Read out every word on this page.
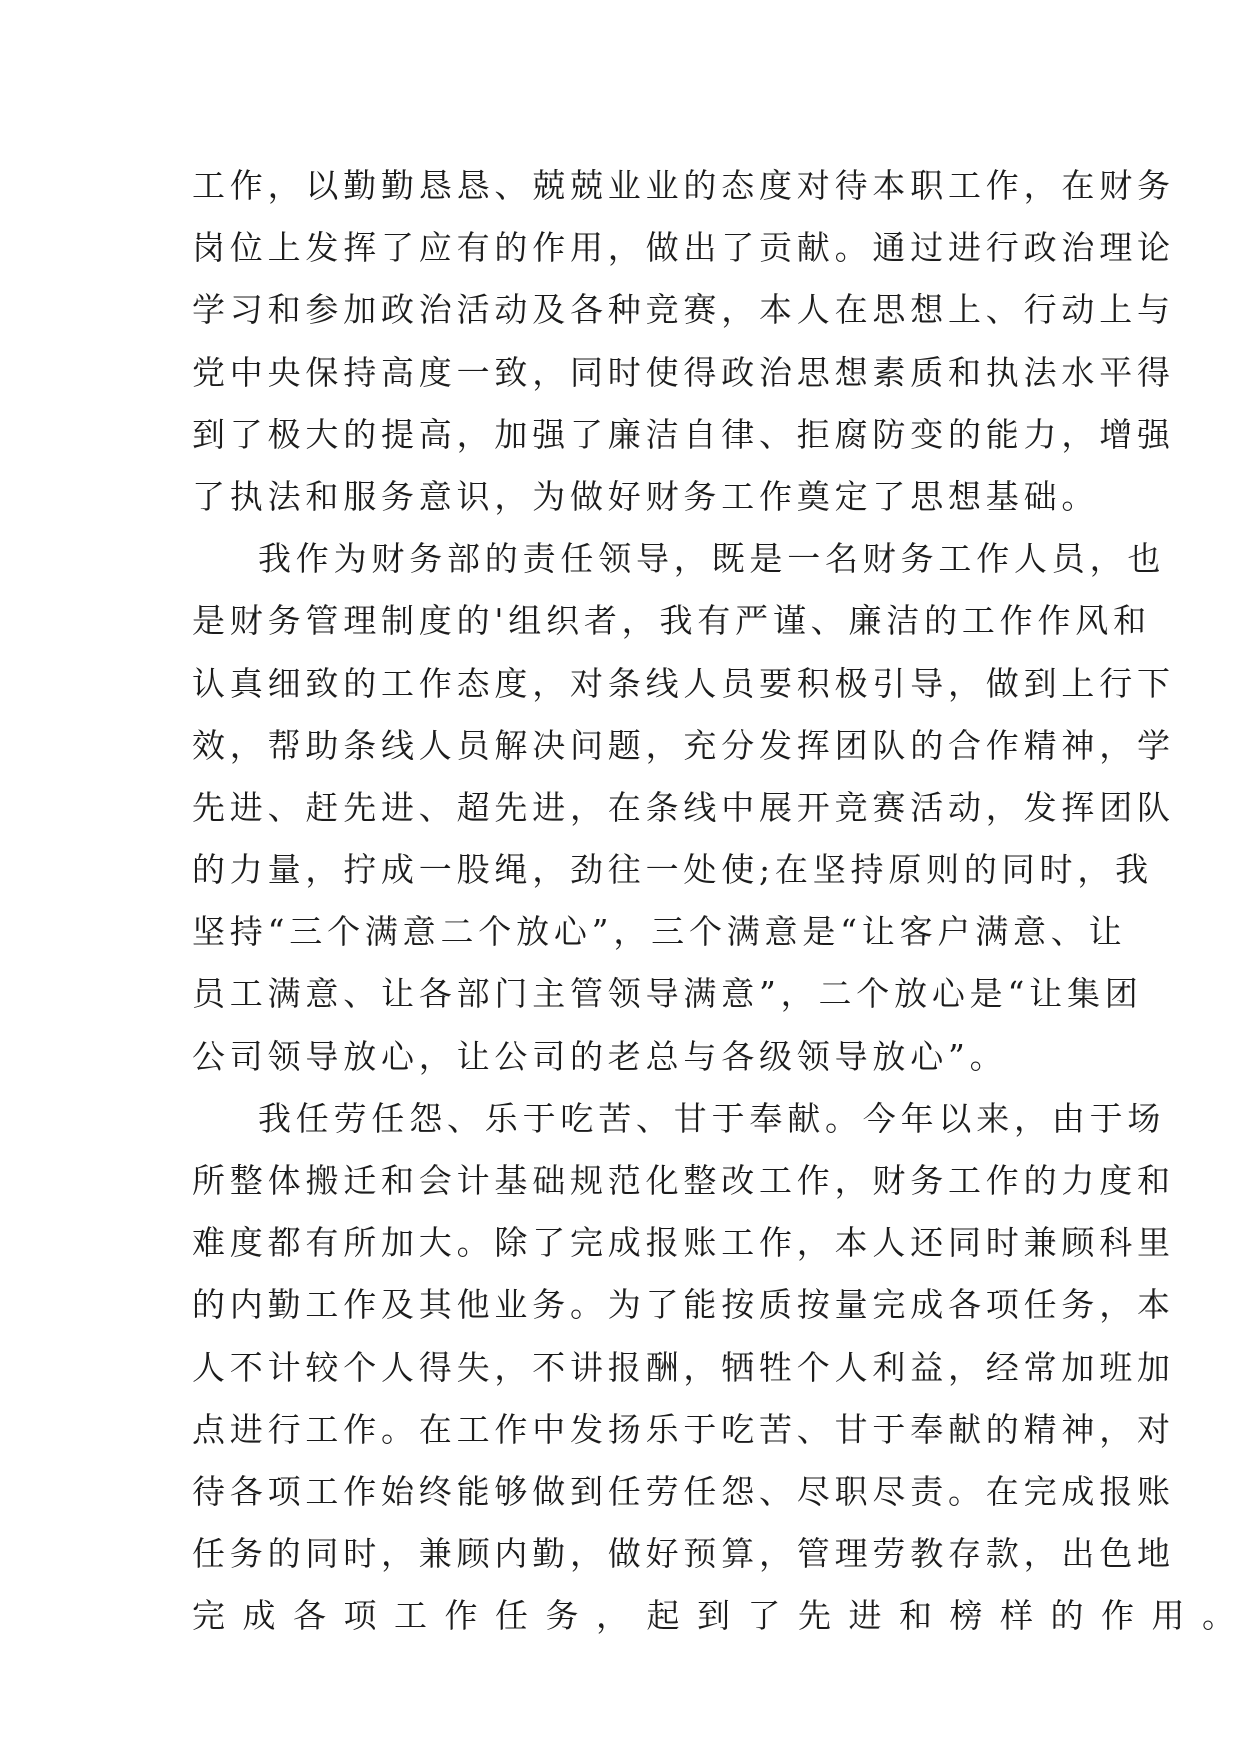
工作，以勤勤恳恳、兢兢业业的态度对待本职工作，在财务
岗位上发挥了应有的作用，做出了贡献。通过进行政治理论
学习和参加政治活动及各种竞赛，本人在思想上、行动上与
党中央保持高度一致，同时使得政治思想素质和执法水平得
到了极大的提高，加强了廉洁自律、拒腐防变的能力，增强
了执法和服务意识，为做好财务工作奠定了思想基础。
我作为财务部的责任领导，既是一名财务工作人员，也
是财务管理制度的'组织者，我有严谨、廉洁的工作作风和
认真细致的工作态度，对条线人员要积极引导，做到上行下
效，帮助条线人员解决问题，充分发挥团队的合作精神，学
先进、赶先进、超先进，在条线中展开竞赛活动，发挥团队
的力量，拧成一股绳，劲往一处使;在坚持原则的同时，我
坚持“三个满意二个放心”，三个满意是“让客户满意、让
员工满意、让各部门主管领导满意”，二个放心是“让集团
公司领导放心，让公司的老总与各级领导放心”。
我任劳任怨、乐于吃苦、甘于奉献。今年以来，由于场
所整体搬迁和会计基础规范化整改工作，财务工作的力度和
难度都有所加大。除了完成报账工作，本人还同时兼顾科里
的内勤工作及其他业务。为了能按质按量完成各项任务，本
人不计较个人得失，不讲报酬，牺牲个人利益，经常加班加
点进行工作。在工作中发扬乐于吃苦、甘于奉献的精神，对
待各项工作始终能够做到任劳任怨、尽职尽责。在完成报账
任务的同时，兼顾内勤，做好预算，管理劳教存款，出色地
完成各项工作任务，起到了先进和榜样的作用。
